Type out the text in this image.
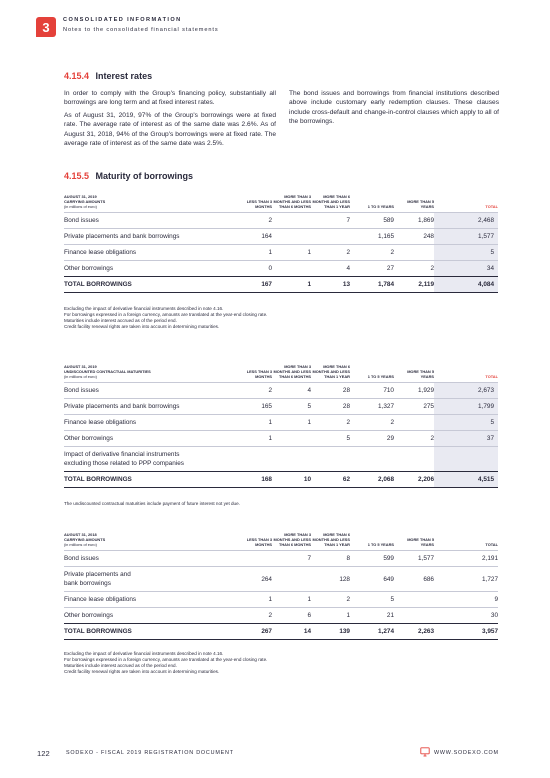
3	CONSOLIDATED INFORMATION
Notes to the consolidated financial statements
4.15.4 Interest rates

In order to comply with the Group's financing policy, substantially all borrowings are long term and at fixed interest rates.

As of August 31, 2019, 97% of the Group's borrowings were at fixed rate. The average rate of interest as of the same date was 2.6%. As of August 31, 2018, 94% of the Group's borrowings were at fixed rate. The average rate of interest as of the same date was 2.5%.

The bond issues and borrowings from financial institutions described above include customary early redemption clauses. These clauses include cross-default and change-in-control clauses which apply to all of the borrowings.

4.15.5 Maturity of borrowings
AUGUST 31, 2019
CARRYING AMOUNTS
(in millions of euro)	LESS THAN 3 MONTHS	MORE THAN 3 MONTHS AND LESS THAN 6 MONTHS	MORE THAN 6 MONTHS AND LESS THAN 1 YEAR	1 TO 5 YEARS	MORE THAN 5 YEARS	TOTAL
Bond issues	2		7	589	1,869	2,468
Private placements and bank borrowings	164			1,165	248	1,577
Finance lease obligations	1	1	2	2		5
Other borrowings	0		4	27	2	34
TOTAL BORROWINGS	167	1	13	1,784	2,119	4,084
Excluding the impact of derivative financial instruments described in note 4.16.
For borrowings expressed in a foreign currency, amounts are translated at the year-end closing rate.
Maturities include interest accrued as of the period end.
Credit facility renewal rights are taken into account in determining maturities.
AUGUST 31, 2019
UNDISCOUNTED CONTRACTUAL MATURITIES
(in millions of euro)	LESS THAN 3 MONTHS	MORE THAN 3 MONTHS AND LESS THAN 6 MONTHS	MORE THAN 6 MONTHS AND LESS THAN 1 YEAR	1 TO 5 YEARS	MORE THAN 5 YEARS	TOTAL
Bond issues	2	4	28	710	1,929	2,673
Private placements and bank borrowings	165	5	28	1,327	275	1,799
Finance lease obligations	1	1	2	2		5
Other borrowings	1		5	29	2	37
Impact of derivative financial instruments
excluding those related to PPP companies						
TOTAL BORROWINGS	168	10	62	2,068	2,206	4,515
The undiscounted contractual maturities include payment of future interest not yet due.
AUGUST 31, 2018
CARRYING AMOUNTS
(in millions of euro)	LESS THAN 3 MONTHS	MORE THAN 3 MONTHS AND LESS THAN 6 MONTHS	MORE THAN 6 MONTHS AND LESS THAN 1 YEAR	1 TO 5 YEARS	MORE THAN 5 YEARS	TOTAL
Bond issues		7	8	599	1,577	2,191
Private placements and
bank borrowings	264		128	649	686	1,727
Finance lease obligations	1	1	2	5		9
Other borrowings	2	6	1	21		30
TOTAL BORROWINGS	267	14	139	1,274	2,263	3,957
Excluding the impact of derivative financial instruments described in note 4.16.
For borrowings expressed in a foreign currency, amounts are translated at the year-end closing rate.
Maturities include interest accrued as of the period end.
Credit facility renewal rights are taken into account in determining maturities.
122	SODEXO - FISCAL 2019 REGISTRATION DOCUMENT	WWW.SODEXO.COM
